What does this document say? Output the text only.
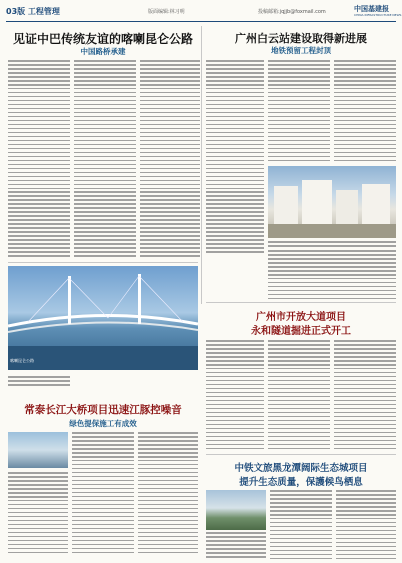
03版 工程管理	版面编辑:林习明	投稿邮箱:jqjjb@foxmail.com	中国基建报
CHINA INFRASTRUCTURE NEWS
见证中巴传统友谊的喀喇昆仑公路
中国路桥承建
广州白云站建设取得新进展
地铁预留工程封顶
广州市开放大道项目
永和隧道掘进正式开工
中铁文旅黑龙潭阔际生态城项目
提升生态质量，保護候鸟栖息
喀喇昆仑公路
常泰长江大桥项目迅速江豚控噪音
绿色提保施工有成效
